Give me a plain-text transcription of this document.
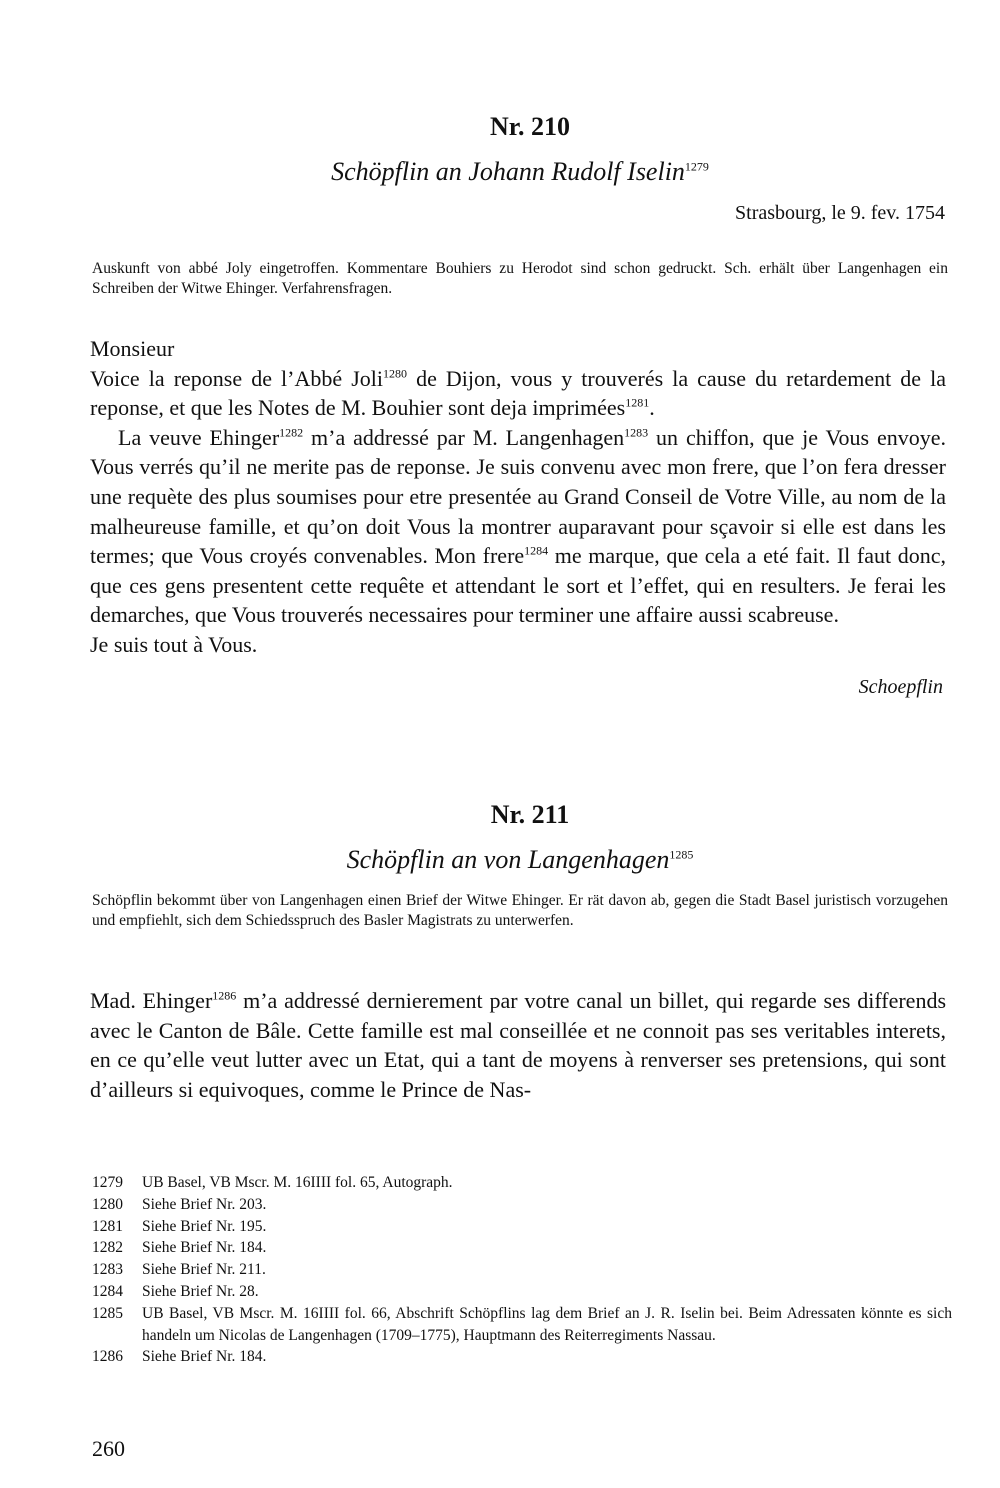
Nr. 210
Schöpflin an Johann Rudolf Iselin$^{1279}$
Strasbourg, le 9. fev. 1754
Auskunft von abbé Joly eingetroffen. Kommentare Bouhiers zu Herodot sind schon gedruckt. Sch. erhält über Langenhagen ein Schreiben der Witwe Ehinger. Verfahrensfragen.

Monsieur

Voice la reponse de l’Abbé Joli$^{1280}$ de Dijon, vous y trouverés la cause du retardement de la reponse, et que les Notes de M. Bouhier sont deja imprimées$^{1281}$.

La veuve Ehinger$^{1282}$ m’a addressé par M. Langenhagen$^{1283}$ un chiffon, que je Vous envoye. Vous verrés qu’il ne merite pas de reponse. Je suis convenu avec mon frere, que l’on fera dresser une requète des plus soumises pour etre presentée au Grand Conseil de Votre Ville, au nom de la malheureuse famille, et qu’on doit Vous la montrer auparavant pour sçavoir si elle est dans les termes; que Vous croyés convenables. Mon frere$^{1284}$ me marque, que cela a eté fait. Il faut donc, que ces gens presentent cette requête et attendant le sort et l’effet, qui en resulters. Je ferai les demarches, que Vous trouverés necessaires pour terminer une affaire aussi scabreuse.

Je suis tout à Vous.

Schoepflin
Nr. 211
Schöpflin an von Langenhagen$^{1285}$
Schöpflin bekommt über von Langenhagen einen Brief der Witwe Ehinger. Er rät davon ab, gegen die Stadt Basel juristisch vorzugehen und empfiehlt, sich dem Schiedsspruch des Basler Magistrats zu unterwerfen.

Mad. Ehinger$^{1286}$ m’a addressé dernierement par votre canal un billet, qui regarde ses differends avec le Canton de Bâle. Cette famille est mal conseillée et ne connoit pas ses veritables interets, en ce qu’elle veut lutter avec un Etat, qui a tant de moyens à renverser ses pretensions, qui sont d’ailleurs si equivoques, comme le Prince de Nas-

1279	UB Basel, VB Mscr. M. 16IIII fol. 65, Autograph.
1280	Siehe Brief Nr. 203.
1281	Siehe Brief Nr. 195.
1282	Siehe Brief Nr. 184.
1283	Siehe Brief Nr. 211.
1284	Siehe Brief Nr. 28.
1285	UB Basel, VB Mscr. M. 16IIII fol. 66, Abschrift Schöpflins lag dem Brief an J. R. Iselin bei. Beim Adressaten könnte es sich handeln um Nicolas de Langenhagen (1709–1775), Hauptmann des Reiterregiments Nassau.
1286	Siehe Brief Nr. 184.
260
